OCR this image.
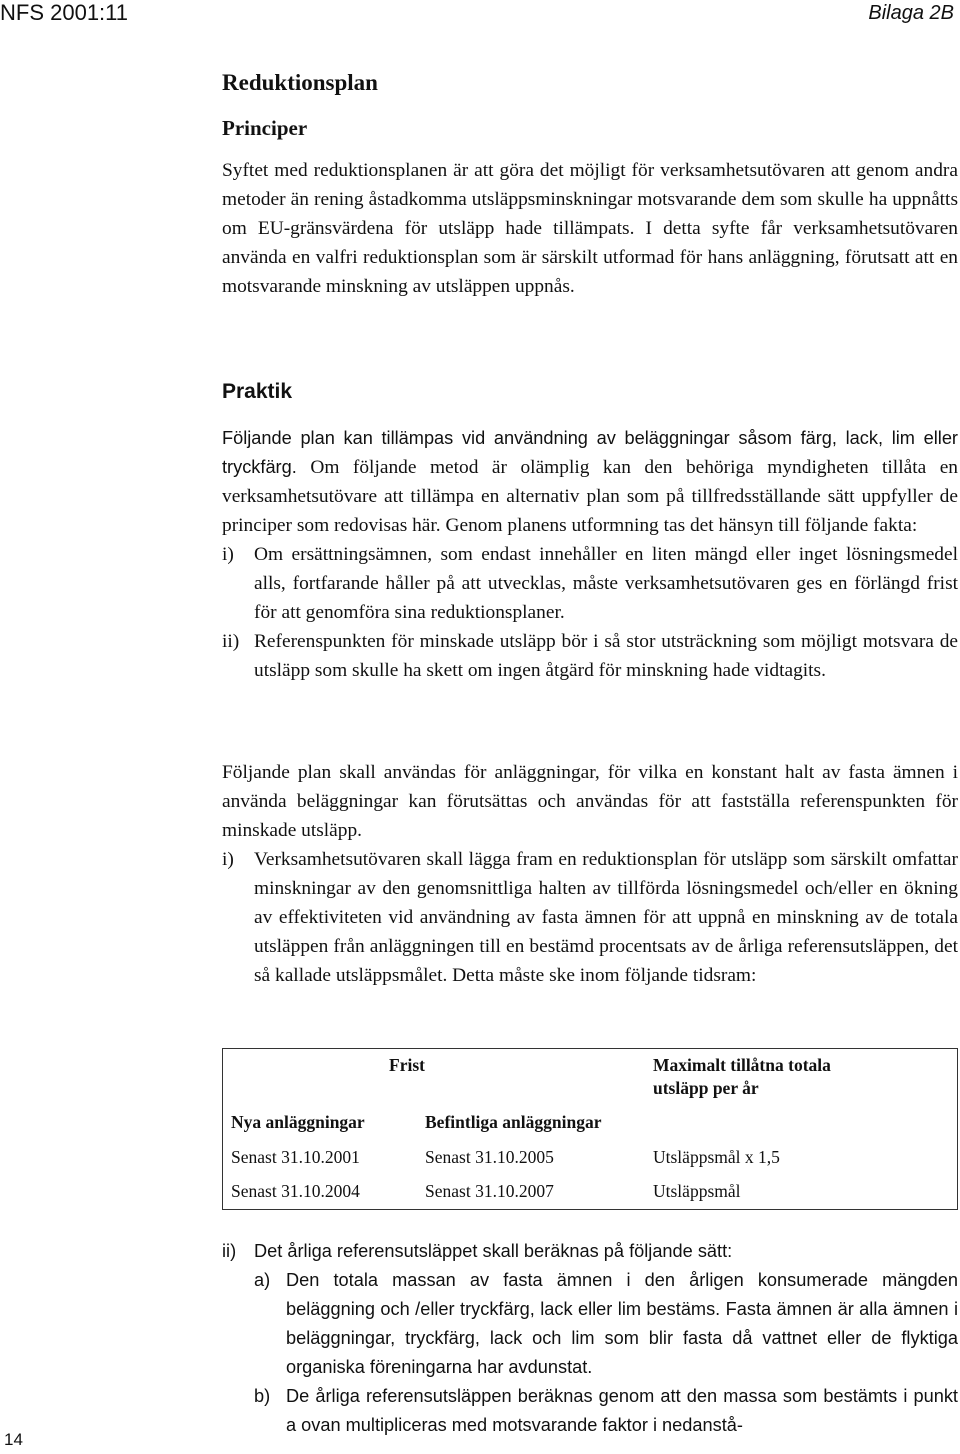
NFS 2001:11	Bilaga 2B
Reduktionsplan
Principer

Syftet med reduktionsplanen är att göra det möjligt för verksamhetsutövaren att genom andra metoder än rening åstadkomma utsläppsminskningar motsvarande dem som skulle ha uppnåtts om EU-gränsvärdena för utsläpp hade tillämpats. I detta syfte får verksamhetsutövaren använda en valfri reduktionsplan som är särskilt utformad för hans anläggning, förutsatt att en motsvarande minskning av utsläppen uppnås.

Praktik

Följande plan kan tillämpas vid användning av beläggningar såsom färg, lack, lim eller tryckfärg. Om följande metod är olämplig kan den behöriga myndigheten tillåta en verksamhetsutövare att tillämpa en alternativ plan som på tillfredsställande sätt uppfyller de principer som redovisas här. Genom planens utformning tas det hänsyn till följande fakta:

i) Om ersättningsämnen, som endast innehåller en liten mängd eller inget lösningsmedel alls, fortfarande håller på att utvecklas, måste verksamhetsutövaren ges en förlängd frist för att genomföra sina reduktionsplaner.
ii) Referenspunkten för minskade utsläpp bör i så stor utsträckning som möjligt motsvara de utsläpp som skulle ha skett om ingen åtgärd för minskning hade vidtagits.

Följande plan skall användas för anläggningar, för vilka en konstant halt av fasta ämnen i använda beläggningar kan förutsättas och användas för att fastställa referenspunkten för minskade utsläpp.

i) Verksamhetsutövaren skall lägga fram en reduktionsplan för utsläpp som särskilt omfattar minskningar av den genomsnittliga halten av tillförda lösningsmedel och/eller en ökning av effektiviteten vid användning av fasta ämnen för att uppnå en minskning av de totala utsläppen från anläggningen till en bestämd procentsats av de årliga referensutsläppen, det så kallade utsläppsmålet. Detta måste ske inom följande tidsram:
Frist	Maximalt tillåtna totala
utsläpp per år
Nya anläggningar	Befintliga anläggningar
Senast 31.10.2001	Senast 31.10.2005	Utsläppsmål x 1,5
Senast 31.10.2004	Senast 31.10.2007	Utsläppsmål
ii) Det årliga referensutsläppet skall beräknas på följande sätt:
a) Den totala massan av fasta ämnen i den årligen konsumerade mängden beläggning och /eller tryckfärg, lack eller lim bestäms. Fasta ämnen är alla ämnen i beläggningar, tryckfärg, lack och lim som blir fasta då vattnet eller de flyktiga organiska föreningarna har avdunstat.
b) De årliga referensutsläppen beräknas genom att den massa som bestämts i punkt a ovan multipliceras med motsvarande faktor i nedanstå-
14
